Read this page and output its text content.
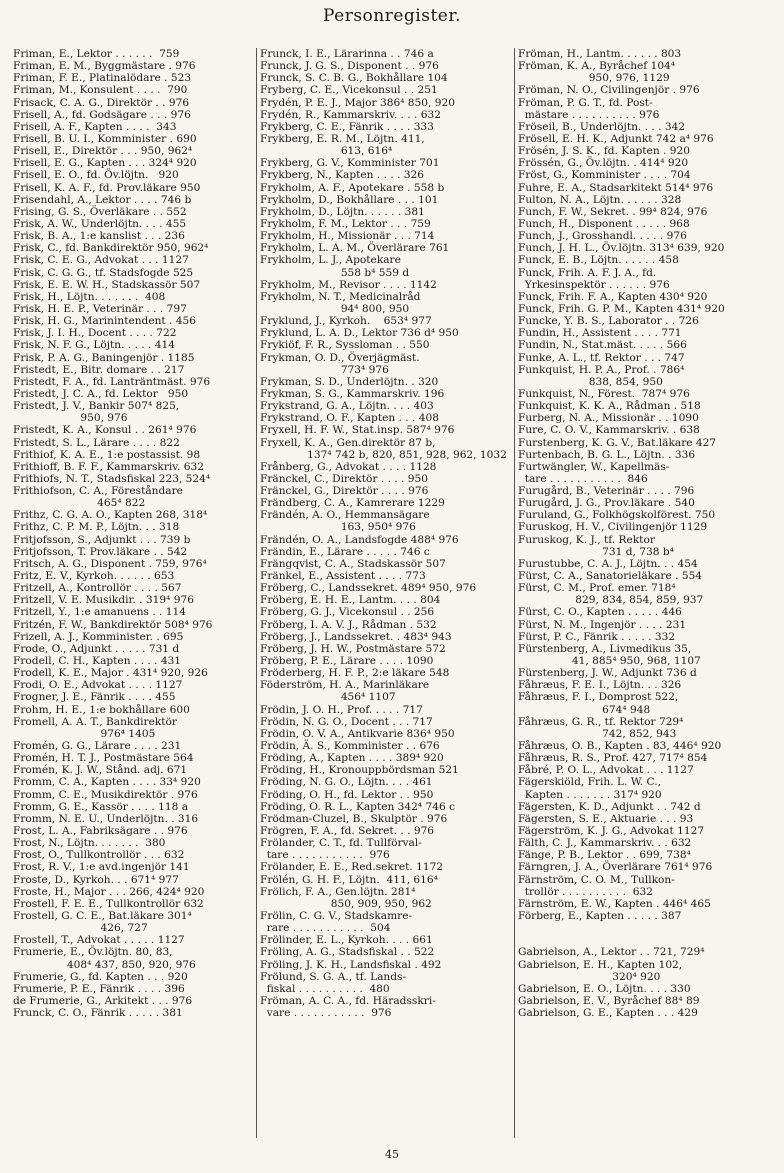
Personregister.
Friman, E., Lektor . . . . . .  759
Friman, E. M., Byggmästare . 976
Friman, F. E., Platinalödare . 523
Friman, M., Konsulent . . . .  790
Frisack, C. A. G., Direktör . . 976
Frisell, A., fd. Godsägare . . . 976
Frisell, A. F., Kapten . . . .  343
Frisell, B. U. I., Komminister . 690
Frisell, E., Direktör . . . 950, 962⁴
Frisell, E. G., Kapten . . . 324⁴ 920
Frisell, E. O., fd. Öv.löjtn.   920
Frisell, K. A. F., fd. Prov.läkare 950
Frisendahl, A., Lektor . . . . 746 b
Frising, G. S., Överläkare . . 552
Frisk, A. W., Underlöjtn. . . . 455
Frisk, B. A., 1:e kanslist . . . 236
Frisk, C., fd. Bankdirektör 950, 962⁴
Frisk, C. E. G., Advokat . . . 1127
Frisk, C. G. G., tf. Stadsfogde 525
Frisk, E. E. W. H., Stadskassör 507
Frisk, H., Löjtn. . . . . . .  408
Frisk, H. E. P., Veterinär . . . 797
Frisk, H. G., Marinintendent . 456
Frisk, J. I. H., Docent . . . . 722
Frisk, N. F. G., Löjtn. . . . . 414
Frisk, P. A. G., Baningenjör . 1185
Fristedt, E., Bitr. domare . . 217
Fristedt, F. A., fd. Lanträntmäst. 976
Fristedt, J. C. A., fd. Lektor   950
Fristedt, J. V., Bankir 507⁴ 825,
950, 976
Fristedt, K. A., Konsul . . 261⁴ 976
Fristedt, S. L., Lärare . . . . 822
Frithiof, K. A. E., 1:e postassist. 98
Frithioff, B. F. F., Kammarskriv. 632
Frithiofs, N. T., Stadsfiskal 223, 524⁴
Frithiofson, C. A., Föreståndare
465⁴ 822
Frithz, C. G. A. O., Kapten 268, 318⁴
Frithz, C. P. M. P., Löjtn. . . 318
Fritjofsson, S., Adjunkt . . . 739 b
Fritjofsson, T. Prov.läkare . . 542
Fritsch, A. G., Disponent . 759, 976⁴
Fritz, E. V., Kyrkoh. . . . . . 653
Fritzell, A., Kontrollör . . . . 567
Fritzell, V. E. Musikdir. . 319⁴ 976
Fritzell, Y., 1:e amanuens . . 114
Fritzén, F. W., Bankdirektör 508⁴ 976
Frizell, A. J., Komminister. . 695
Frode, O., Adjunkt . . . . . 731 d
Frodell, C. H., Kapten . . . . 431
Frodell, K. E., Major . 431⁴ 920, 926
Frodi, O. E., Advokat . . . . 1127
Frogner, J. E., Fänrik . . . . 455
Frohm, H. E., 1:e bokhållare 600
Fromell, A. A. T., Bankdirektör
976⁴ 1405
Fromén, G. G., Lärare . . . . 231
Fromén, H. T. J., Postmästare 564
Fromén, K. J. W., Stånd. adj. 671
Fromm, C. A., Kapten . . . . 33⁴ 920
Fromm, C. E., Musikdirektör . 976
Fromm, G. E., Kassör . . . . 118 a
Fromm, N. E. U., Underlöjtn. . 316
Frost, L. A., Fabriksägare . . 976
Frost, N., Löjtn. . . . . . .  380
Frost, O., Tullkontrollör . . . 632
Frost, R. V., 1:e avd.ingenjör 141
Froste, D., Kyrkoh. . . 671⁴ 977
Froste, H., Major . . . 266, 424⁴ 920
Frostell, F. E. E., Tullkontrollör 632
Frostell, G. C. E., Bat.läkare 301⁴
426, 727
Frostell, T., Advokat . . . . . 1127
Frumerie, E., Öv.löjtn. 80, 83,
408⁴ 437, 850, 920, 976
Frumerie, G., fd. Kapten . . . 920
Frumerie, P. E., Fänrik . . . . 396
de Frumerie, G., Arkitekt . . . 976
Frunck, C. O., Fänrik . . . . . 381
Frunck, I. E., Lärarinna . . 746 a
Frunck, J. G. S., Disponent . . 976
Frunck, S. C. B. G., Bokhållare 104
Fryberg, C. E., Vicekonsul . . 251
Frydén, P. E. J., Major 386⁴ 850, 920
Frydén, R., Kammarskriv. . . . 632
Frykberg, C. E., Fänrik . . . . 333
Frykberg, E. R. M., Löjtn. 411,
613, 616⁴
Frykberg, G. V., Komminister 701
Frykberg, N., Kapten . . . . 326
Frykholm, A. F., Apotekare . 558 b
Frykholm, D., Bokhållare . . . 101
Frykholm, D., Löjtn. . . . . . 381
Frykholm, F. M., Lektor . . . 759
Frykholm, H., Missionär . . . 714
Frykholm, L. A. M., Överlärare 761
Frykholm, L. J., Apotekare
558 b⁴ 559 d
Frykholm, M., Revisor . . . . 1142
Frykholm, N. T., Medicinalråd
94⁴ 800, 950
Fryklund, J., Kyrkoh.    653⁴ 977
Fryklund, L. A. D., Lektor 736 d⁴ 950
Frykiöf, F. R., Syssloman . . 550
Frykman, O. D., Överjägmäst.
773⁴ 976
Frykman, S. D., Underlöjtn. . 320
Frykman, S. G., Kammarskriv. 196
Frykstrand, G. A., Löjtn. . . . 403
Frykstrand, O. F., Kapten . . . 408
Fryxell, H. F. W., Stat.insp. 587⁴ 976
Fryxell, K. A., Gen.direktör 87 b,
137⁴ 742 b, 820, 851, 928, 962, 1032
Frånberg, G., Advokat . . . . 1128
Fränckel, C., Direktör . . . . 950
Fränckel, G., Direktör . . . . 976
Frändberg, C. A., Kamrerare 1229
Frändén, A. O., Hemmansägare
163, 950⁴ 976
Frändén, O. A., Landsfogde 488⁴ 976
Frändin, E., Lärare . . . . . 746 c
Frängqvist, C. A., Stadskassör 507
Fränkel, E., Assistent . . . . 773
Fröberg, C., Landssekret. 489⁴ 950, 976
Fröberg, E. H. E., Lantm. . . . 804
Fröberg, G. J., Vicekonsul . . 256
Fröberg, I. A. V. J., Rådman . 532
Fröberg, J., Landssekret. . 483⁴ 943
Fröberg, J. H. W., Postmästare 572
Fröberg, P. E., Lärare . . . . 1090
Fröderberg, H. F. P., 2:e läkare 548
Föderström, H. A., Marinläkare
456⁴ 1107
Frödin, J. O. H., Prof. . . . . 717
Frödin, N. G. O., Docent . . . 717
Frödin, O. V. A., Antikvarie 836⁴ 950
Frödin, Ä. S., Komminister . . 676
Fröding, A., Kapten . . . . 389⁴ 920
Fröding, H., Kronouppbördsman 521
Fröding, N. G. O., Löjtn. . . . 461
Fröding, O. H., fd. Lektor . . 950
Fröding, O. R. L., Kapten 342⁴ 746 c
Frödman-Cluzel, B., Skulptör . 976
Frögren, F. A., fd. Sekret. . . 976
Frölander, C. T., fd. Tullförval-
tare . . . . . . . . . . .  976
Frölander, E. E., Red.sekret. 1172
Frölén, G. H. F., Löjtn.  411, 616⁴
Frölich, F. A., Gen.löjtn. 281⁴
850, 909, 950, 962
Frölin, C. G. V., Stadskamre-
rare . . . . . . . . . . .  504
Frölinder, E. L., Kyrkoh. . . . 661
Fröling, A. G., Stadsfiskal . . 522
Fröling, J. K. H., Landsfiskal . 492
Frölund, S. G. A., tf. Lands-
fiskal . . . . . . . . . .  480
Fröman, A. C. A., fd. Häradsskri-
vare . . . . . . . . . . .  976
Fröman, H., Lantm. . . . . . 803
Fröman, K. A., Byråchef 104⁴
950, 976, 1129
Fröman, N. O., Civilingenjör . 976
Fröman, P. G. T., fd. Post-
mästare . . . . . . . . . . 976
Fröseil, B., Underlöjtn. . . . 342
Frösell, E. H. K., Adjunkt 742 a⁴ 976
Frösén, J. S. K., fd. Kapten . 920
Frössén, G., Öv.löjtn. . 414⁴ 920
Fröst, G., Komminister . . . . 704
Fuhre, E. A., Stadsarkitekt 514⁴ 976
Fulton, N. A., Löjtn. . . . . . 328
Funch, F. W., Sekret. . 99⁴ 824, 976
Funch, H., Disponent . . . . . 968
Funch, J., Grosshandl. . . . . 976
Funch, J. H. L., Öv.löjtn. 313⁴ 639, 920
Funck, E. B., Löjtn. . . . . . 458
Funck, Frih. A. F. J. A., fd.
Yrkesinspektör . . . . . . 976
Funck, Frih. F. A., Kapten 430⁴ 920
Funck, Frih. G. P. M., Kapten 431⁴ 920
Funcke, Y. B. S., Laborator . . 726
Fundin, H., Assistent . . . . 771
Fundin, N., Stat.mäst. . . . . 566
Funke, A. L., tf. Rektor . . . 747
Funkquist, H. P. A., Prof. . 786⁴
838, 854, 950
Funkquist, N., Förest.  787⁴ 976
Funkquist, K. K. A., Rådman . 518
Furberg, N. A., Missionär . . 1090
Fure, C. O. V., Kammarskriv. . 638
Furstenberg, K. G. V., Bat.läkare 427
Furtenbach, B. G. L., Löjtn. . 336
Furtwängler, W., Kapellmäs-
tare . . . . . . . . . . .  846
Furugård, B., Veterinär . . . . 796
Furugård, J. G., Prov.läkare . 540
Furuland, G., Folkhögskolförest. 750
Furuskog, H. V., Civilingenjör 1129
Furuskog, K. J., tf. Rektor
731 d, 738 b⁴
Furustubbe, C. A. J., Löjtn. . . 454
Fürst, C. A., Sanatorieläkare . 554
Fürst, C. M., Prof. emer. 718⁴
829, 834, 854, 859, 937
Fürst, C. O., Kapten . . . . . 446
Fürst, N. M., Ingenjör . . . . 231
Fürst, P. C., Fänrik . . . . . 332
Fürstenberg, A., Livmedikus 35,
41, 885⁴ 950, 968, 1107
Fürstenberg, J. W., Adjunkt 736 d
Fåhræus, F. E. I., Löjtn. . . 326
Fåhræus, F. I., Domprost 522,
674⁴ 948
Fåhræus, G. R., tf. Rektor 729⁴
742, 852, 943
Fåhræus, O. B., Kapten . 83, 446⁴ 920
Fåhræus, R. S., Prof. 427, 717⁴ 854
Fåbré, P. O. L., Advokat . . . 1127
Fägerskiöld, Frih. L. W. C.,
Kapten . . . . . . . 317⁴ 920
Fägersten, K. D., Adjunkt . . 742 d
Fägersten, S. E., Aktuarie . . . 93
Fägerström, K. J. G., Advokat 1127
Fälth, C. J., Kammarskriv. . . 632
Fänge, P. B., Lektor . . 699, 738⁴
Färngren, J. A., Överlärare 761⁴ 976
Färnström, C. O. M., Tullkon-
trollör . . . . . . . . . .  632
Färnström, E. W., Kapten . 446⁴ 465
Förberg, E., Kapten . . . . . 387
Gabrielson, A., Lektor . . 721, 729⁴
Gabrielson, E. H., Kapten 102,
320⁴ 920
Gabrielson, E. O., Löjtn. . . . 330
Gabrielson, E. V., Byråchef 88⁴ 89
Gabrielson, G. E., Kapten . . . 429
45
